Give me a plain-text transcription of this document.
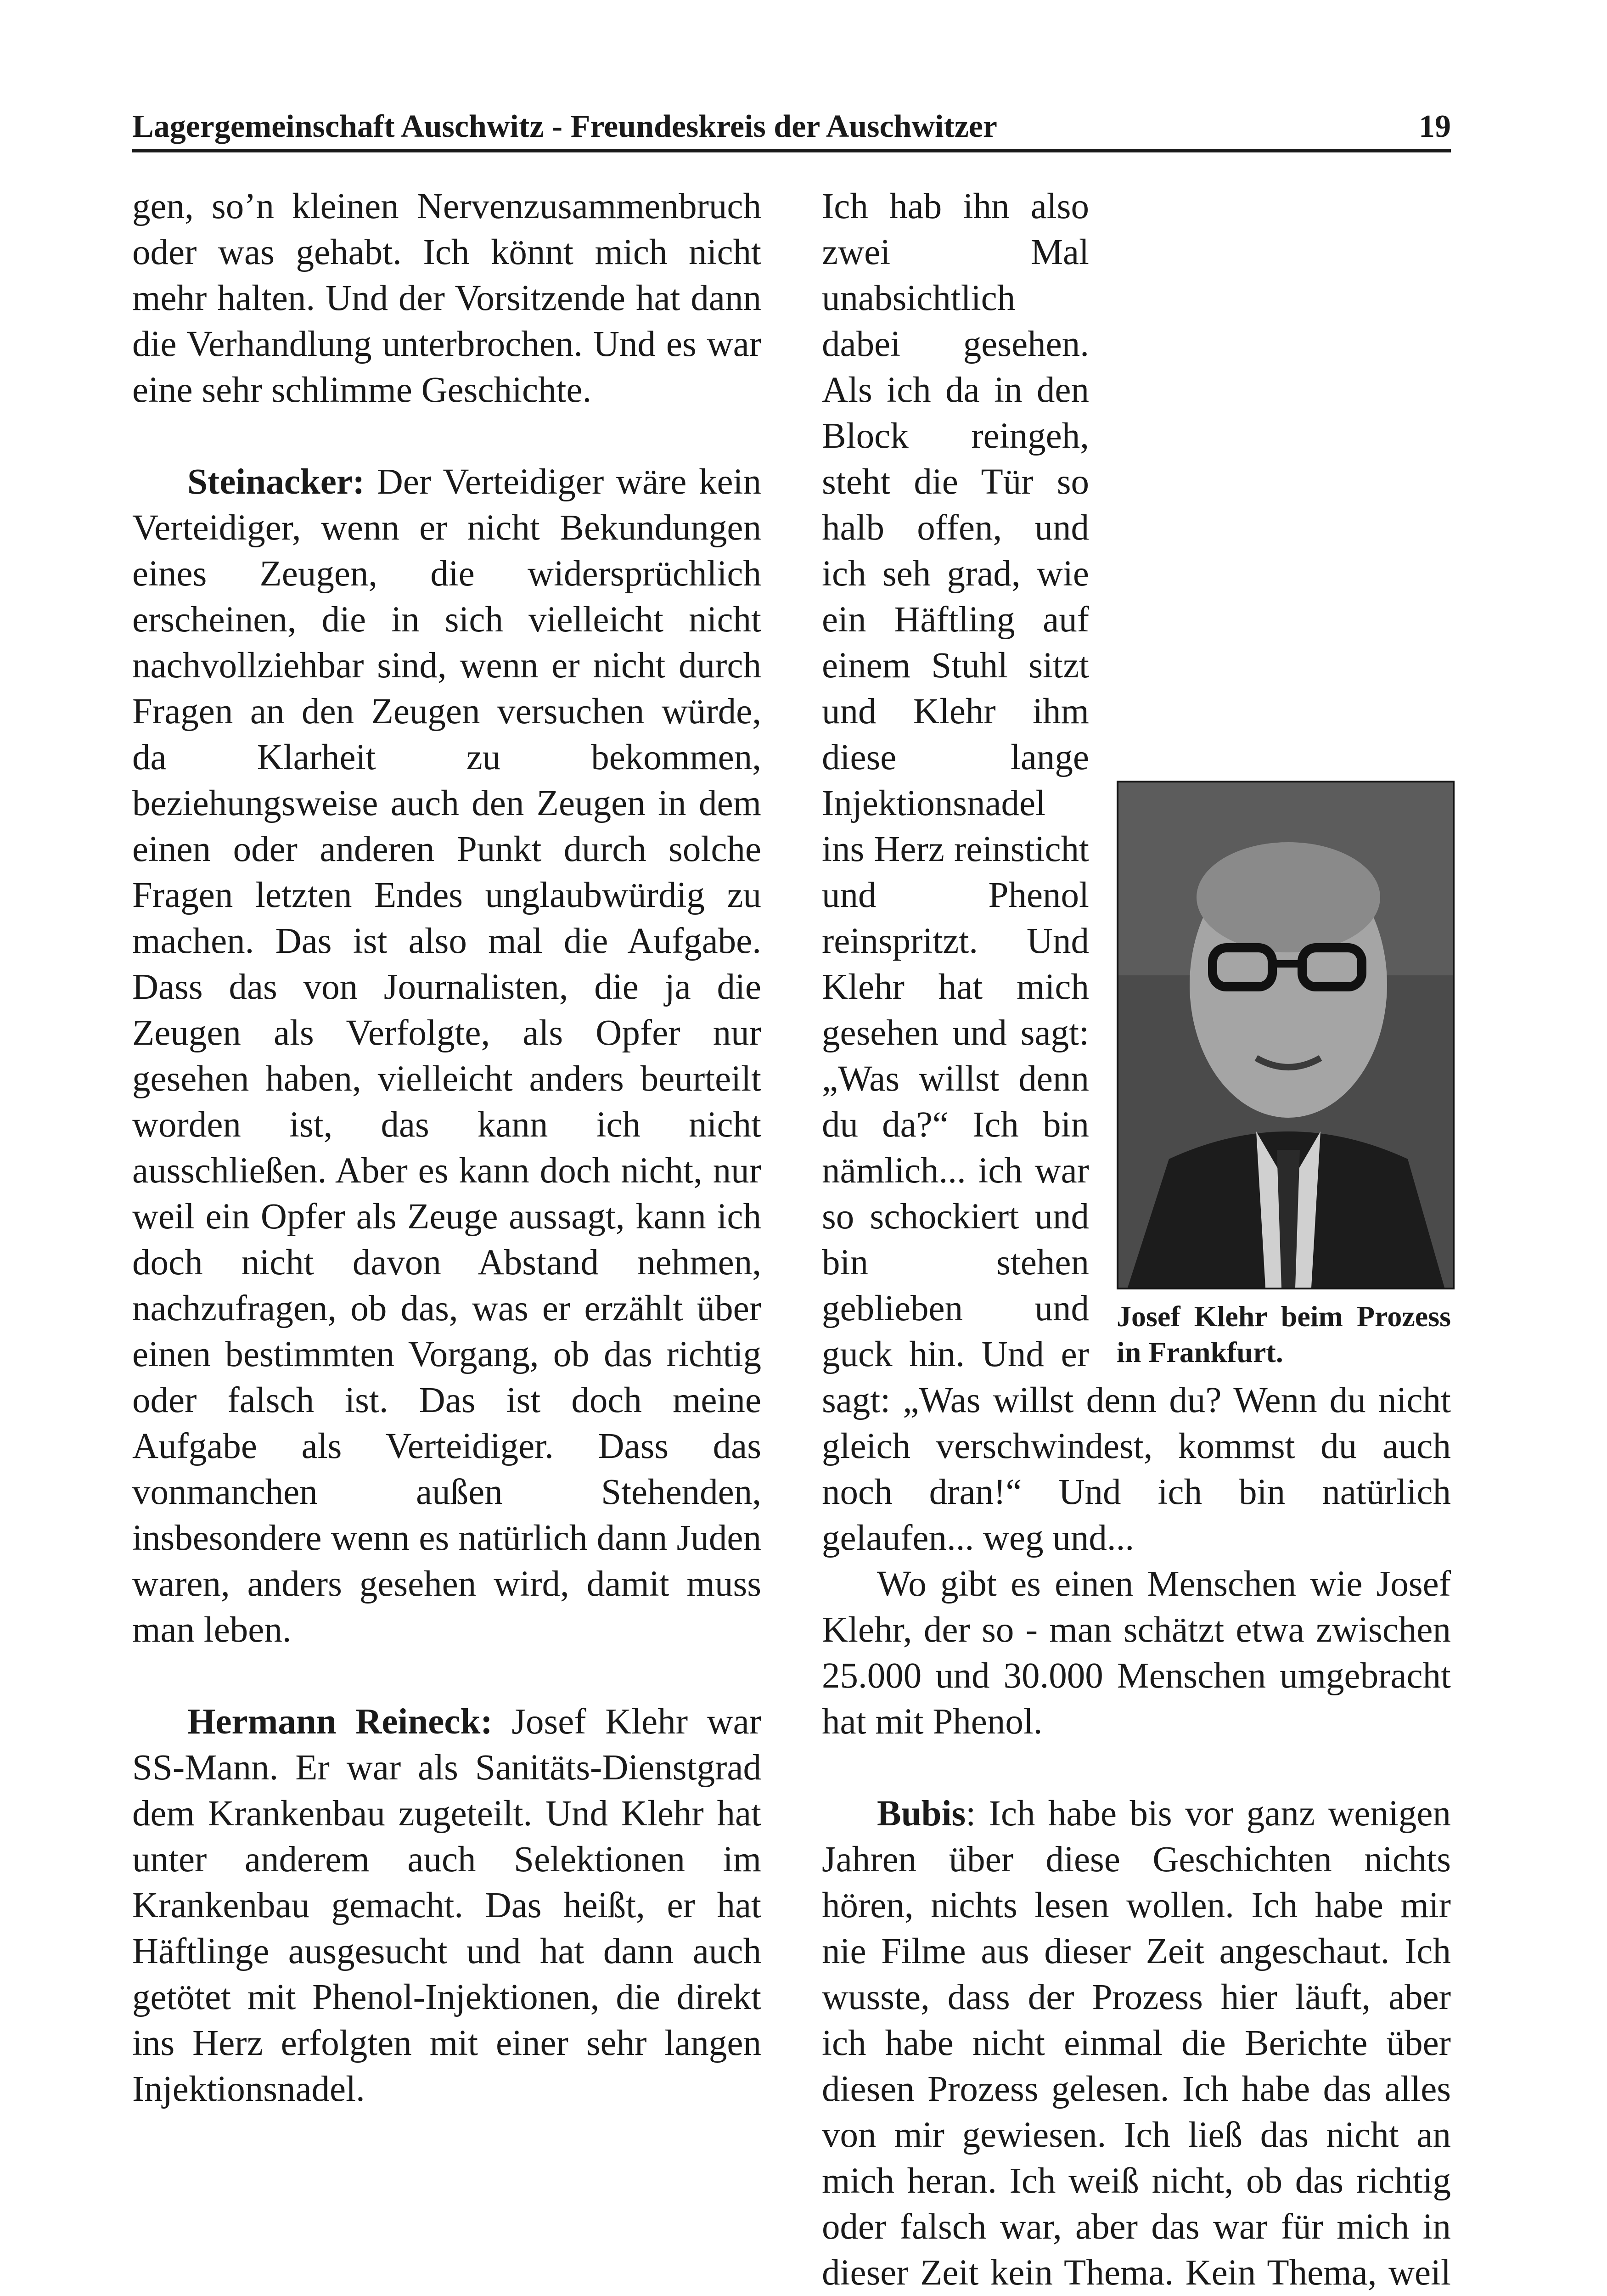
Lagergemeinschaft Auschwitz - Freundeskreis der Auschwitzer	19

gen, so’n kleinen Nervenzusammenbruch oder was gehabt. Ich könnt mich nicht mehr halten. Und der Vorsitzende hat dann die Verhandlung unterbrochen. Und es war eine sehr schlimme Geschichte.

Steinacker: Der Verteidiger wäre kein Verteidiger, wenn er nicht Bekundungen eines Zeugen, die widersprüchlich erscheinen, die in sich vielleicht nicht nachvollziehbar sind, wenn er nicht durch Fragen an den Zeugen versuchen würde, da Klarheit zu bekommen, beziehungsweise auch den Zeugen in dem einen oder anderen Punkt durch solche Fragen letzten Endes unglaubwürdig zu machen. Das ist also mal die Aufgabe. Dass das von Journalisten, die ja die Zeugen als Verfolgte, als Opfer nur gesehen haben, vielleicht anders beurteilt worden ist, das kann ich nicht ausschließen. Aber es kann doch nicht, nur weil ein Opfer als Zeuge aussagt, kann ich doch nicht davon Abstand nehmen, nachzufragen, ob das, was er erzählt über einen bestimmten Vorgang, ob das richtig oder falsch ist. Das ist doch meine Aufgabe als Verteidiger. Dass das vonmanchen außen Stehenden, insbesondere wenn es natürlich dann Juden waren, anders gesehen wird, damit muss man leben.

Hermann Reineck: Josef Klehr war SS-Mann. Er war als Sanitäts-Dienstgrad dem Krankenbau zugeteilt. Und Klehr hat unter anderem auch Selektionen im Krankenbau gemacht. Das heißt, er hat Häftlinge ausgesucht und hat dann auch getötet mit Phenol-Injektionen, die direkt ins Herz erfolgten mit einer sehr langen Injektionsnadel.

Josef Klehr beim Prozess in Frankfurt.
Ich hab ihn also zwei Mal unabsichtlich dabei gesehen. Als ich da in den Block reingeh, steht die Tür so halb offen, und ich seh grad, wie ein Häftling auf einem Stuhl sitzt und Klehr ihm diese lange Injektionsnadel ins Herz reinsticht und Phenol reinspritzt. Und Klehr hat mich gesehen und sagt: „Was willst denn du da?“ Ich bin nämlich... ich war so schockiert und bin stehen geblieben und guck hin. Und er sagt: „Was willst denn du? Wenn du nicht gleich verschwindest, kommst du auch noch dran!“ Und ich bin natürlich gelaufen... weg und...

Wo gibt es einen Menschen wie Josef Klehr, der so - man schätzt etwa zwischen 25.000 und 30.000 Menschen umgebracht hat mit Phenol.

Bubis: Ich habe bis vor ganz wenigen Jahren über diese Geschichten nichts hören, nichts lesen wollen. Ich habe mir nie Filme aus dieser Zeit angeschaut. Ich wusste, dass der Prozess hier läuft, aber ich habe nicht einmal die Berichte über diesen Prozess gelesen. Ich habe das alles von mir gewiesen. Ich ließ das nicht an mich heran. Ich weiß nicht, ob das richtig oder falsch war, aber das war für mich in dieser Zeit kein Thema. Kein Thema, weil
